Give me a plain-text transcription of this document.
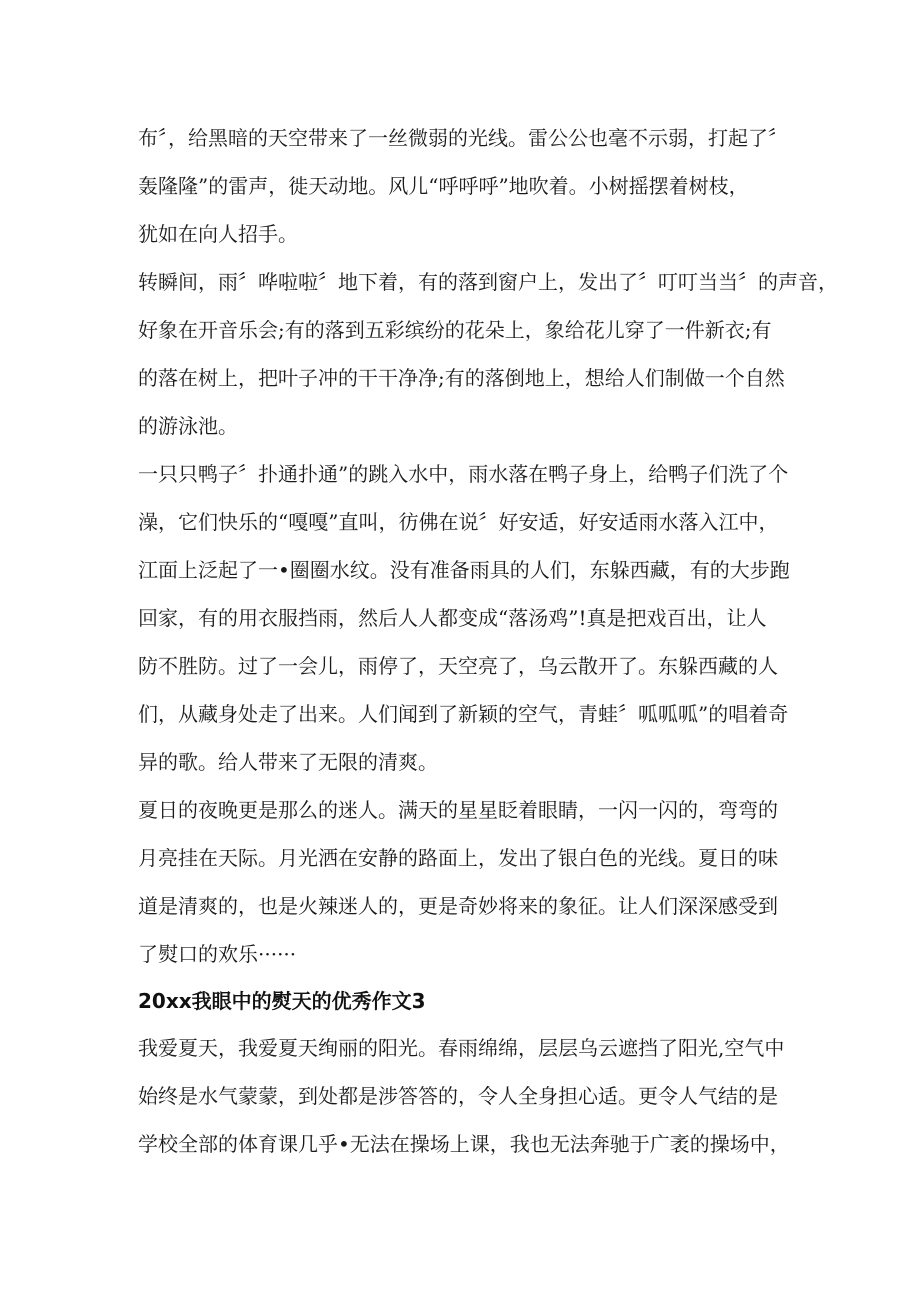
布〞，给黑暗的天空带来了一丝微弱的光线。雷公公也毫不示弱，打起了〞
轰隆隆”的雷声，徙天动地。风儿“呼呼呼”地吹着。小树摇摆着树枝，
犹如在向人招手。
转瞬间，雨〞哗啦啦〞地下着，有的落到窗户上，发出了〞叮叮当当〞的声音，
好象在开音乐会;有的落到五彩缤纷的花朵上，象给花儿穿了一件新衣;有
的落在树上，把叶子冲的干干净净;有的落倒地上，想给人们制做一个自然
的游泳池。
一只只鸭子〞扑通扑通”的跳入水中，雨水落在鸭子身上，给鸭子们洗了个
澡，它们快乐的“嘎嘎”直叫，彷佛在说〞好安适，好安适雨水落入江中，
江面上泛起了一•圈圈水纹。没有准备雨具的人们，东躲西藏，有的大步跑
回家，有的用衣服挡雨，然后人人都变成“落汤鸡”!真是把戏百出，让人
防不胜防。过了一会儿，雨停了，天空亮了，乌云散开了。东躲西藏的人
们，从藏身处走了出来。人们闻到了新颖的空气，青蛙〞呱呱呱”的唱着奇
异的歌。给人带来了无限的清爽。
夏日的夜晚更是那么的迷人。满天的星星眨着眼睛，一闪一闪的，弯弯的
月亮挂在天际。月光洒在安静的路面上，发出了银白色的光线。夏日的味
道是清爽的，也是火辣迷人的，更是奇妙将来的象征。让人们深深感受到
了熨口的欢乐······
20xx我眼中的熨天的优秀作文3
我爱夏天，我爱夏天绚丽的阳光。春雨绵绵，层层乌云遮挡了阳光,空气中
始终是水气蒙蒙，到处都是涉答答的，令人全身担心适。更令人气结的是
学校全部的体育课几乎•无法在操场上课，我也无法奔驰于广袤的操场中，
